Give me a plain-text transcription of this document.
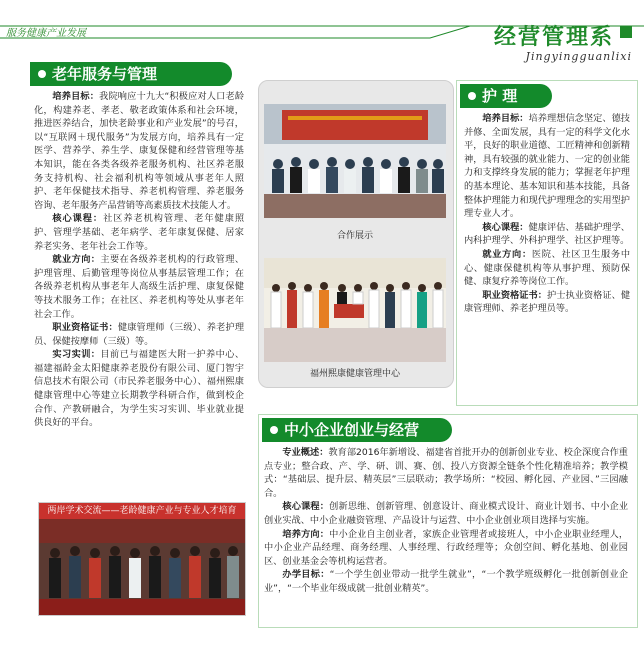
服务健康产业发展	经营管理系
Jingyingguanlixi
老年服务与管理

培养目标：我院响应十九大“积极应对人口老龄化，构建养老、孝老、敬老政策体系和社会环境，推进医养结合，加快老龄事业和产业发展”的号召，以“互联网＋现代服务”为发展方向，培养具有一定医学、营养学、养生学、康复保健和经营管理等基本知识，能在各类各级养老服务机构、社区养老服务支持机构、社会福利机构等领域从事老年人照护、老年保健技术指导、养老机构管理、养老服务咨询、老年服务产品营销等高素质技术技能人才。

核心课程：社区养老机构管理、老年健康照护、管理学基础、老年病学、老年康复保健、居家养老实务、老年社会工作等。

就业方向：主要在各级养老机构的行政管理、护理管理、后勤管理等岗位从事基层管理工作；在各级养老机构从事老年人高级生活护理、康复保健等技术服务工作；在社区、养老机构等处从事老年社会工作。

职业资格证书：健康管理师（三级）、养老护理员、保健按摩师（三级）等。

实习实训：目前已与福建医大附一护养中心、福建福龄金太阳健康养老股份有限公司、厦门智宇信息技术有限公司（市民养老服务中心）、福州熙康健康管理中心等建立长期教学科研合作，做到校企合作、产教研融合，为学生实习实训、毕业就业提供良好的平台。

合作展示
福州熙康健康管理中心
护 理

培养目标：培养理想信念坚定、德技并修、全面发展，具有一定的科学文化水平，良好的职业道德、工匠精神和创新精神，具有较强的就业能力、一定的创业能力和支撑终身发展的能力；掌握老年护理的基本理论、基本知识和基本技能，具备整体护理能力和现代护理理念的实用型护理专业人才。

核心课程：健康评估、基础护理学、内科护理学、外科护理学、社区护理等。

就业方向：医院、社区卫生服务中心、健康保健机构等从事护理、预防保健、康复疗养等岗位工作。

职业资格证书：护士执业资格证、健康管理师、养老护理员等。

两岸学术交流——老龄健康产业与专业人才培育
中小企业创业与经营

专业概述：教育部2016年新增设、福建省首批开办的创新创业专业、校企深度合作重点专业；整合政、产、学、研、训、赛、创、投八方资源全链条个性化精准培养；教学模式：“基础层、提升层、精英层”三层联动；教学场所：“校园、孵化园、产业园、”三园融合。

核心课程：创新思维、创新管理、创意设计、商业模式设计、商业计划书、中小企业创业实战、中小企业融资管理、产品设计与运营、中小企业创业项目选择与实施。

培养方向：中小企业自主创业者，家族企业管理者或接班人，中小企业职业经理人，中小企业产品经理、商务经理、人事经理、行政经理等；众创空间、孵化基地、创业园区、创业基金会等机构运营者。

办学目标：“一个学生创业带动一批学生就业”，“一个教学班级孵化一批创新创业企业”，“一个毕业年级成就一批创业精英”。
